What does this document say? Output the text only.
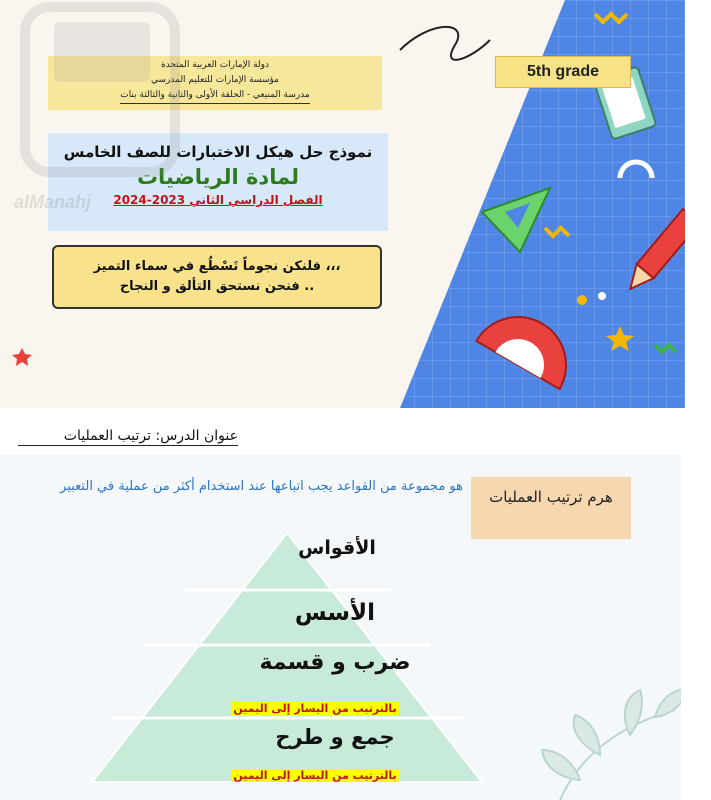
دولة الإمارات العربية المتحدة
مؤسسة الإمارات للتعليم المدرسي
مدرسة المنيعي - الحلقة الأولى والثانية والثالثة بنات
5th grade
نموذج حل هيكل الاختبارات للصف الخامس
لمادة الرياضيات
الفصل الدراسي الثاني 2023-2024
فلنكن نجوماً تَسْطُع في سماء التميز ،،،
فنحن نستحق التألق و النجاح ..
alManahj
عنوان الدرس: ترتيب العمليات
هو مجموعة من القواعد يجب اتباعها عند استخدام أكثر من عملية في التعبير
هرم ترتيب العمليات
الأقواس
الأسس
ضرب و قسمة
بالترتيب من اليسار إلى اليمين
جمع و طرح
بالترتيب من اليسار إلى اليمين
